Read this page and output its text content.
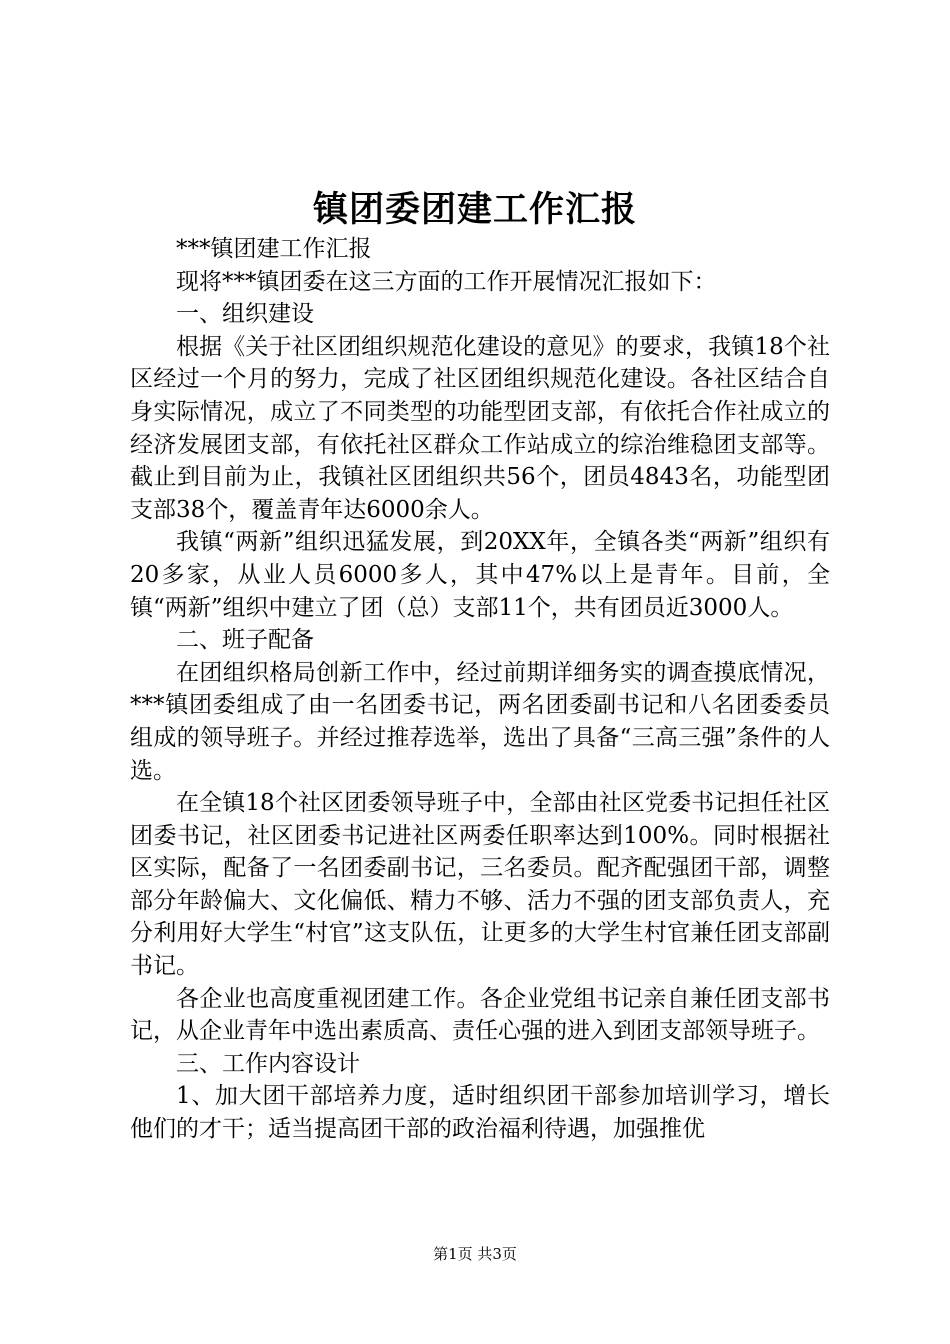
镇团委团建工作汇报

***镇团建工作汇报

现将***镇团委在这三方面的工作开展情况汇报如下：

一、组织建设

根据《关于社区团组织规范化建设的意见》的要求，我镇18个社区经过一个月的努力，完成了社区团组织规范化建设。各社区结合自身实际情况，成立了不同类型的功能型团支部，有依托合作社成立的经济发展团支部，有依托社区群众工作站成立的综治维稳团支部等。截止到目前为止，我镇社区团组织共56个，团员4843名，功能型团支部38个，覆盖青年达6000余人。

我镇“两新”组织迅猛发展，到20XX年，全镇各类“两新”组织有20多家，从业人员6000多人，其中47%以上是青年。目前，全镇“两新”组织中建立了团（总）支部11个，共有团员近3000人。

二、班子配备

在团组织格局创新工作中，经过前期详细务实的调查摸底情况，***镇团委组成了由一名团委书记，两名团委副书记和八名团委委员组成的领导班子。并经过推荐选举，选出了具备“三高三强”条件的人选。

在全镇18个社区团委领导班子中，全部由社区党委书记担任社区团委书记，社区团委书记进社区两委任职率达到100%。同时根据社区实际，配备了一名团委副书记，三名委员。配齐配强团干部，调整部分年龄偏大、文化偏低、精力不够、活力不强的团支部负责人，充分利用好大学生“村官”这支队伍，让更多的大学生村官兼任团支部副书记。

各企业也高度重视团建工作。各企业党组书记亲自兼任团支部书记，从企业青年中选出素质高、责任心强的进入到团支部领导班子。

三、工作内容设计

1、加大团干部培养力度，适时组织团干部参加培训学习，增长他们的才干；适当提高团干部的政治福利待遇，加强推优

第1页 共3页
